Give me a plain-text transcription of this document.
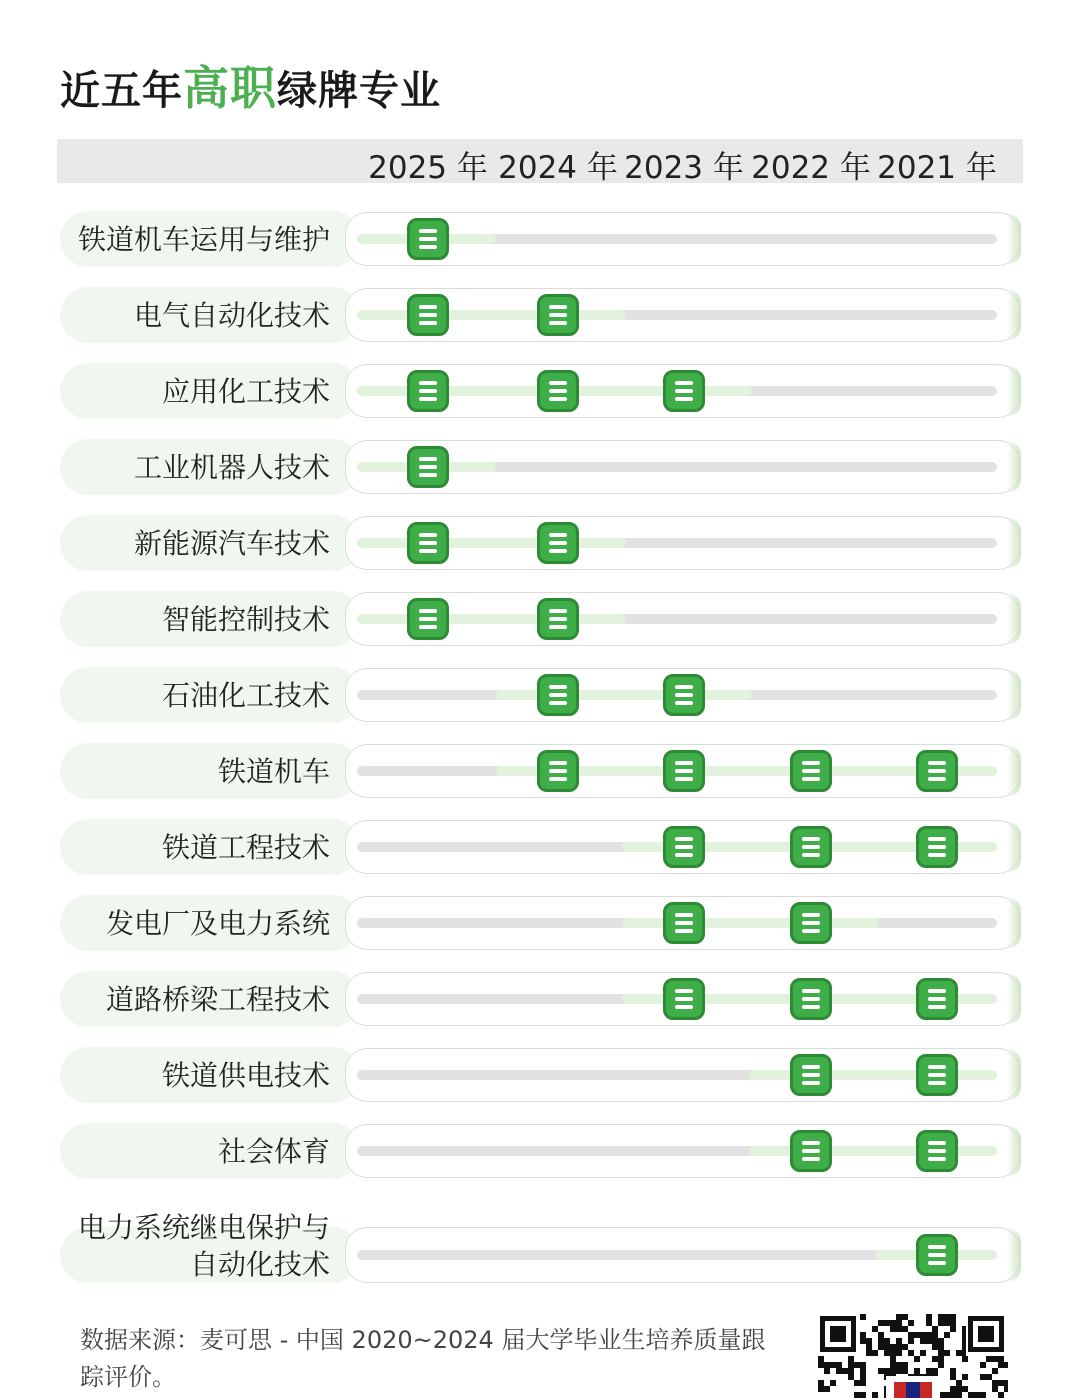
近五年高职绿牌专业
2025 年 2024 年 2023 年 2022 年 2021 年
铁道机车运用与维护
电气自动化技术
应用化工技术
工业机器人技术
新能源汽车技术
智能控制技术
石油化工技术
铁道机车
铁道工程技术
发电厂及电力系统
道路桥梁工程技术
铁道供电技术
社会体育
电力系统继电保护与
自动化技术
数据来源：麦可思 - 中国 2020~2024 届大学毕业生培养质量跟踪评价。
